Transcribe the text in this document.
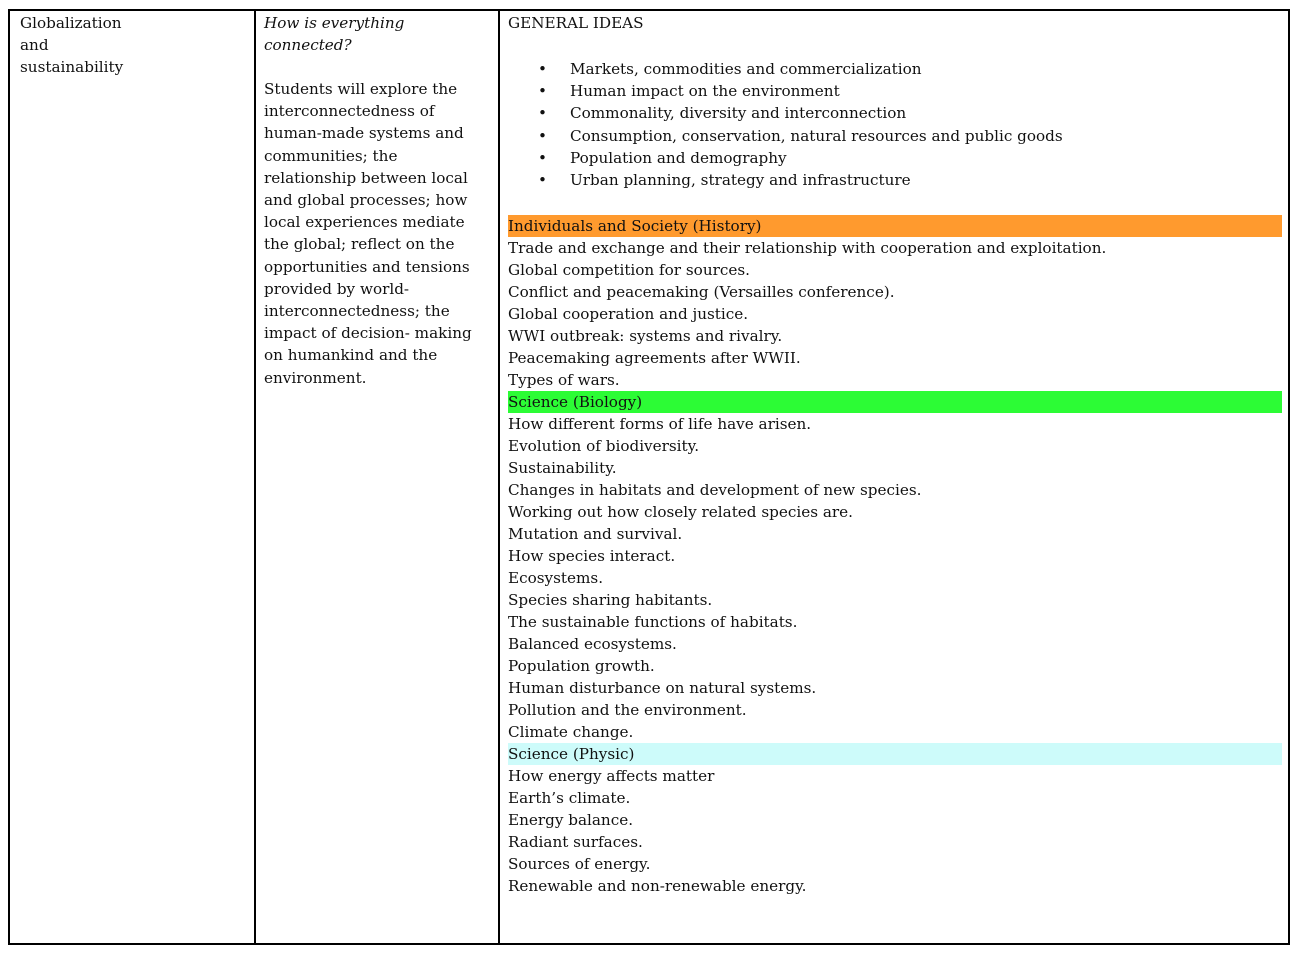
Globalization and sustainability
How is everything connected?
Students will explore the interconnectedness of human-made systems and communities; the relationship between local and global processes; how local experiences mediate the global; reflect on the opportunities and tensions provided by world-interconnectedness; the impact of decision- making on humankind and the environment.
GENERAL IDEAS
• Markets, commodities and commercialization
• Human impact on the environment
• Commonality, diversity and interconnection
• Consumption, conservation, natural resources and public goods
• Population and demography
• Urban planning, strategy and infrastructure
Individuals and Society (History)
Trade and exchange and their relationship with cooperation and exploitation.
Global competition for sources.
Conflict and peacemaking (Versailles conference).
Global cooperation and justice.
WWI outbreak: systems and rivalry.
Peacemaking agreements after WWII.
Types of wars.
Science (Biology)
How different forms of life have arisen.
Evolution of biodiversity.
Sustainability.
Changes in habitats and development of new species.
Working out how closely related species are.
Mutation and survival.
How species interact.
Ecosystems.
Species sharing habitants.
The sustainable functions of habitats.
Balanced ecosystems.
Population growth.
Human disturbance on natural systems.
Pollution and the environment.
Climate change.
Science (Physic)
How energy affects matter
Earth’s climate.
Energy balance.
Radiant surfaces.
Sources of energy.
Renewable and non-renewable energy.
